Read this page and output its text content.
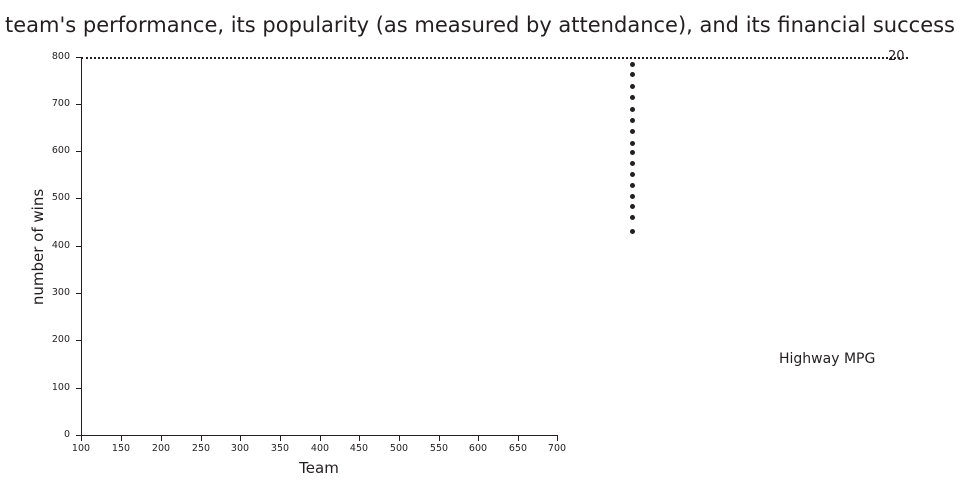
team's performance, its popularity (as measured by attendance), and its financial success
800
700
600
500
400
300
200
100
0
100	150	200	250	300	350	400	450	500	550	600	650	700
number of wins
Team
20
Highway MPG
